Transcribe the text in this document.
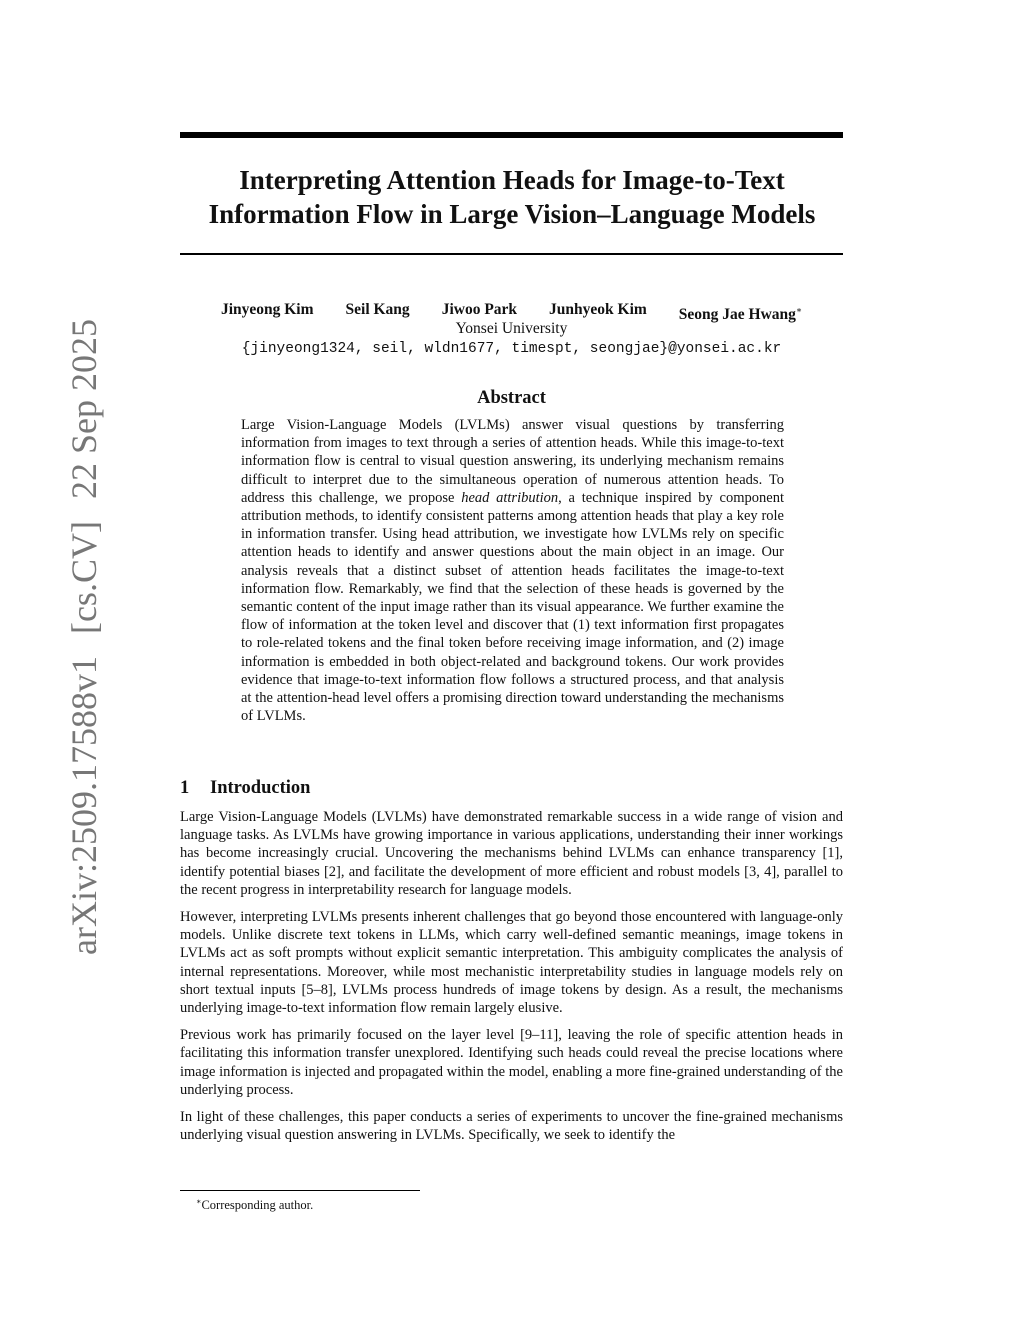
arXiv:2509.17588v1[cs.CV]22 Sep 2025
Interpreting Attention Heads for Image-to-Text
Information Flow in Large Vision–Language Models
Jinyeong Kim Seil Kang Jiwoo Park Junhyeok Kim Seong Jae Hwang∗

Yonsei University

{jinyeong1324, seil, wldn1677, timespt, seongjae}@yonsei.ac.kr

Abstract

Large Vision-Language Models (LVLMs) answer visual questions by transferring information from images to text through a series of attention heads. While this image-to-text information flow is central to visual question answering, its underlying mechanism remains difficult to interpret due to the simultaneous operation of numerous attention heads. To address this challenge, we propose head attribution, a technique inspired by component attribution methods, to identify consistent patterns among attention heads that play a key role in information transfer. Using head attribution, we investigate how LVLMs rely on specific attention heads to identify and answer questions about the main object in an image. Our analysis reveals that a distinct subset of attention heads facilitates the image-to-text information flow. Remarkably, we find that the selection of these heads is governed by the semantic content of the input image rather than its visual appearance. We further examine the flow of information at the token level and discover that (1) text information first propagates to role-related tokens and the final token before receiving image information, and (2) image information is embedded in both object-related and background tokens. Our work provides evidence that image-to-text information flow follows a structured process, and that analysis at the attention-head level offers a promising direction toward understanding the mechanisms of LVLMs.

1 Introduction

Large Vision-Language Models (LVLMs) have demonstrated remarkable success in a wide range of vision and language tasks. As LVLMs have growing importance in various applications, understanding their inner workings has become increasingly crucial. Uncovering the mechanisms behind LVLMs can enhance transparency [1], identify potential biases [2], and facilitate the development of more efficient and robust models [3, 4], parallel to the recent progress in interpretability research for language models.

However, interpreting LVLMs presents inherent challenges that go beyond those encountered with language-only models. Unlike discrete text tokens in LLMs, which carry well-defined semantic meanings, image tokens in LVLMs act as soft prompts without explicit semantic interpretation. This ambiguity complicates the analysis of internal representations. Moreover, while most mechanistic interpretability studies in language models rely on short textual inputs [5–8], LVLMs process hundreds of image tokens by design. As a result, the mechanisms underlying image-to-text information flow remain largely elusive.

Previous work has primarily focused on the layer level [9–11], leaving the role of specific attention heads in facilitating this information transfer unexplored. Identifying such heads could reveal the precise locations where image information is injected and propagated within the model, enabling a more fine-grained understanding of the underlying process.

In light of these challenges, this paper conducts a series of experiments to uncover the fine-grained mechanisms underlying visual question answering in LVLMs. Specifically, we seek to identify the

∗Corresponding author.
